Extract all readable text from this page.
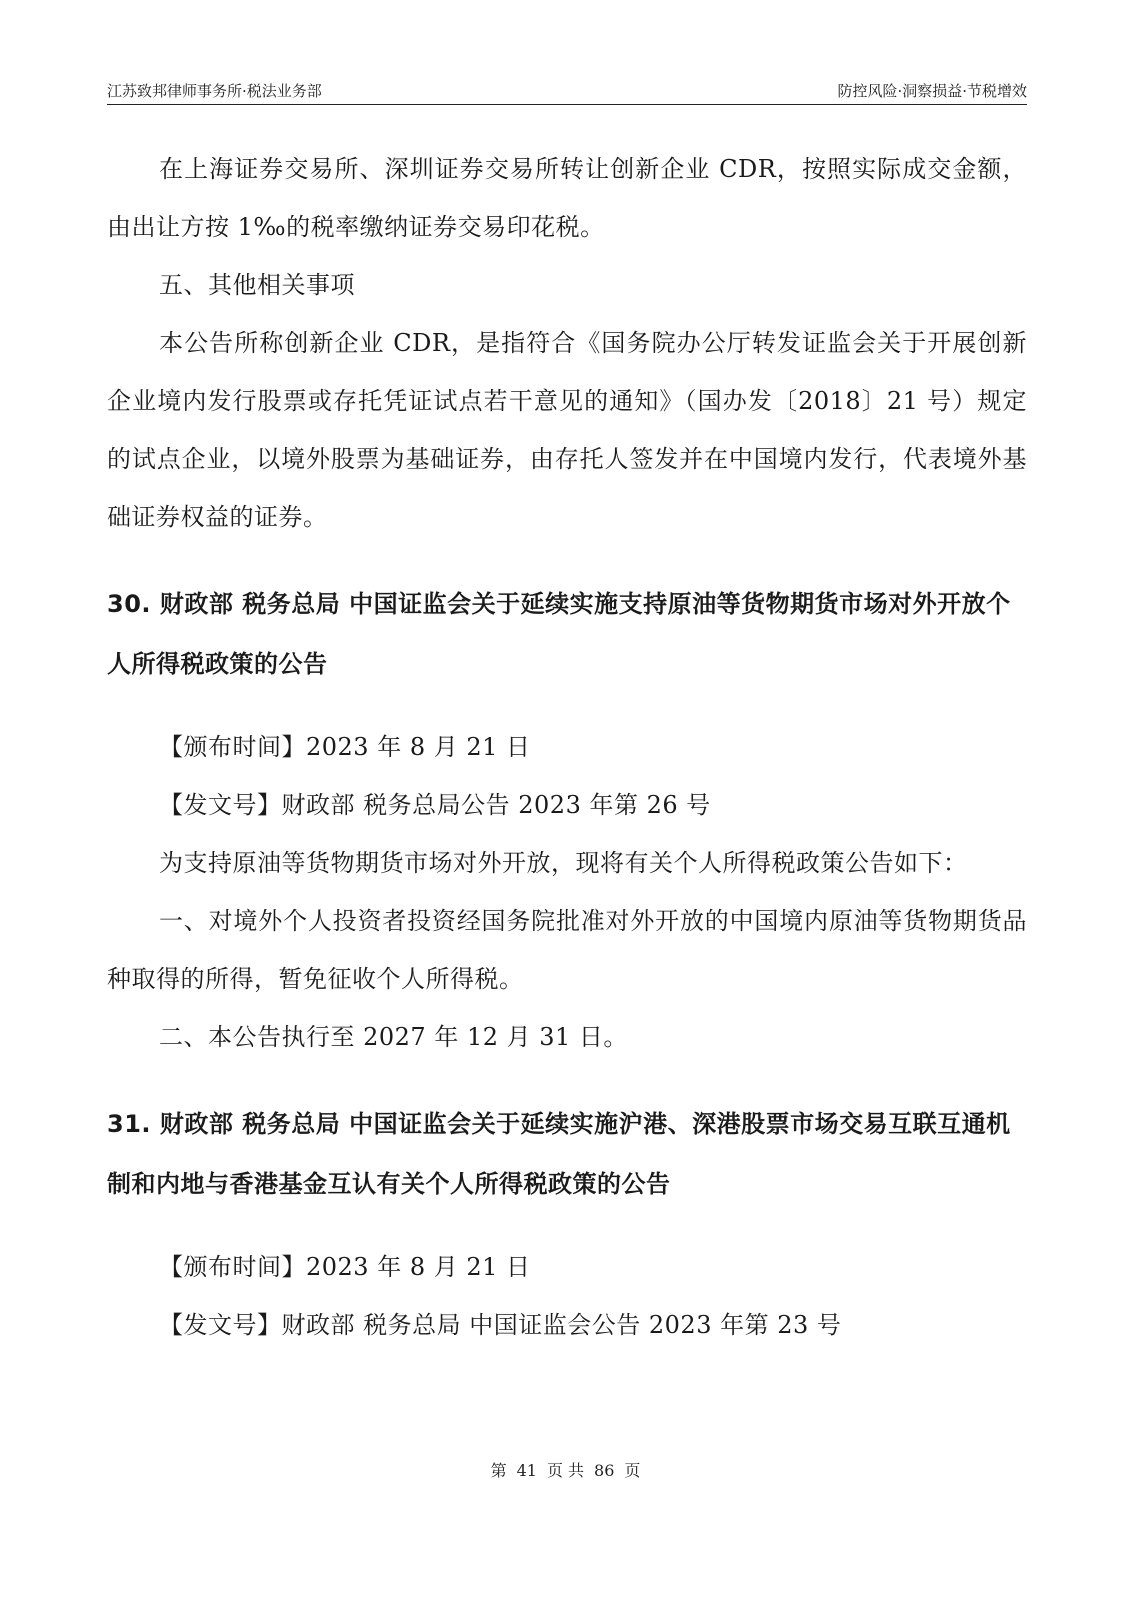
江苏致邦律师事务所·税法业务部	防控风险·洞察损益·节税增效

在上海证券交易所、深圳证券交易所转让创新企业 CDR，按照实际成交金额，由出让方按 1‰的税率缴纳证券交易印花税。

五、其他相关事项

本公告所称创新企业 CDR，是指符合《国务院办公厅转发证监会关于开展创新企业境内发行股票或存托凭证试点若干意见的通知》（国办发〔2018〕21 号）规定的试点企业，以境外股票为基础证券，由存托人签发并在中国境内发行，代表境外基础证券权益的证券。

30. 财政部 税务总局 中国证监会关于延续实施支持原油等货物期货市场对外开放个人所得税政策的公告

【颁布时间】2023 年 8 月 21 日

【发文号】财政部 税务总局公告 2023 年第 26 号

为支持原油等货物期货市场对外开放，现将有关个人所得税政策公告如下：

一、对境外个人投资者投资经国务院批准对外开放的中国境内原油等货物期货品种取得的所得，暂免征收个人所得税。

二、本公告执行至 2027 年 12 月 31 日。

31. 财政部 税务总局 中国证监会关于延续实施沪港、深港股票市场交易互联互通机制和内地与香港基金互认有关个人所得税政策的公告

【颁布时间】2023 年 8 月 21 日

【发文号】财政部 税务总局 中国证监会公告 2023 年第 23 号

第 41 页 共 86 页
